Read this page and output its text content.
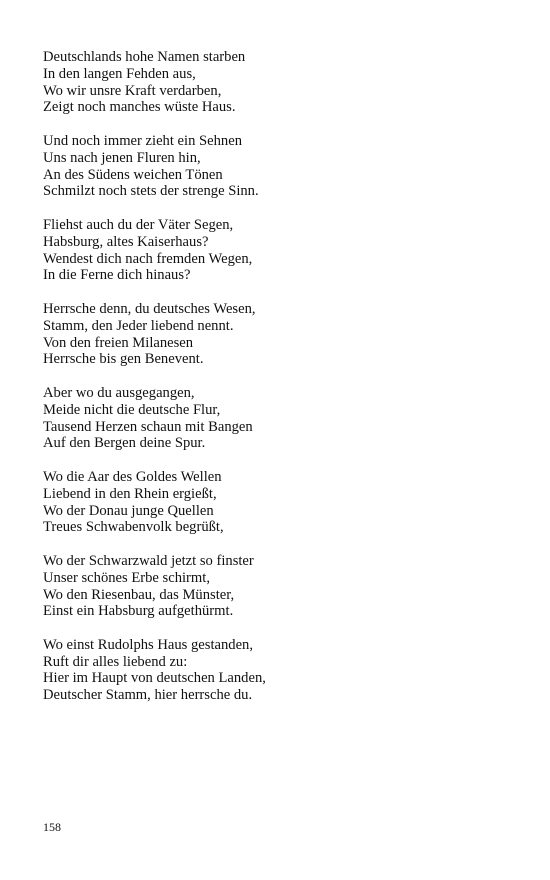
Deutschlands hohe Namen starben
In den langen Fehden aus,
Wo wir unsre Kraft verdarben,
Zeigt noch manches wüste Haus.
Und noch immer zieht ein Sehnen
Uns nach jenen Fluren hin,
An des Südens weichen Tönen
Schmilzt noch stets der strenge Sinn.
Fliehst auch du der Väter Segen,
Habsburg, altes Kaiserhaus?
Wendest dich nach fremden Wegen,
In die Ferne dich hinaus?
Herrsche denn, du deutsches Wesen,
Stamm, den Jeder liebend nennt.
Von den freien Milanesen
Herrsche bis gen Benevent.
Aber wo du ausgegangen,
Meide nicht die deutsche Flur,
Tausend Herzen schaun mit Bangen
Auf den Bergen deine Spur.
Wo die Aar des Goldes Wellen
Liebend in den Rhein ergießt,
Wo der Donau junge Quellen
Treues Schwabenvolk begrüßt,
Wo der Schwarzwald jetzt so finster
Unser schönes Erbe schirmt,
Wo den Riesenbau, das Münster,
Einst ein Habsburg aufgethürmt.
Wo einst Rudolphs Haus gestanden,
Ruft dir alles liebend zu:
Hier im Haupt von deutschen Landen,
Deutscher Stamm, hier herrsche du.
158
